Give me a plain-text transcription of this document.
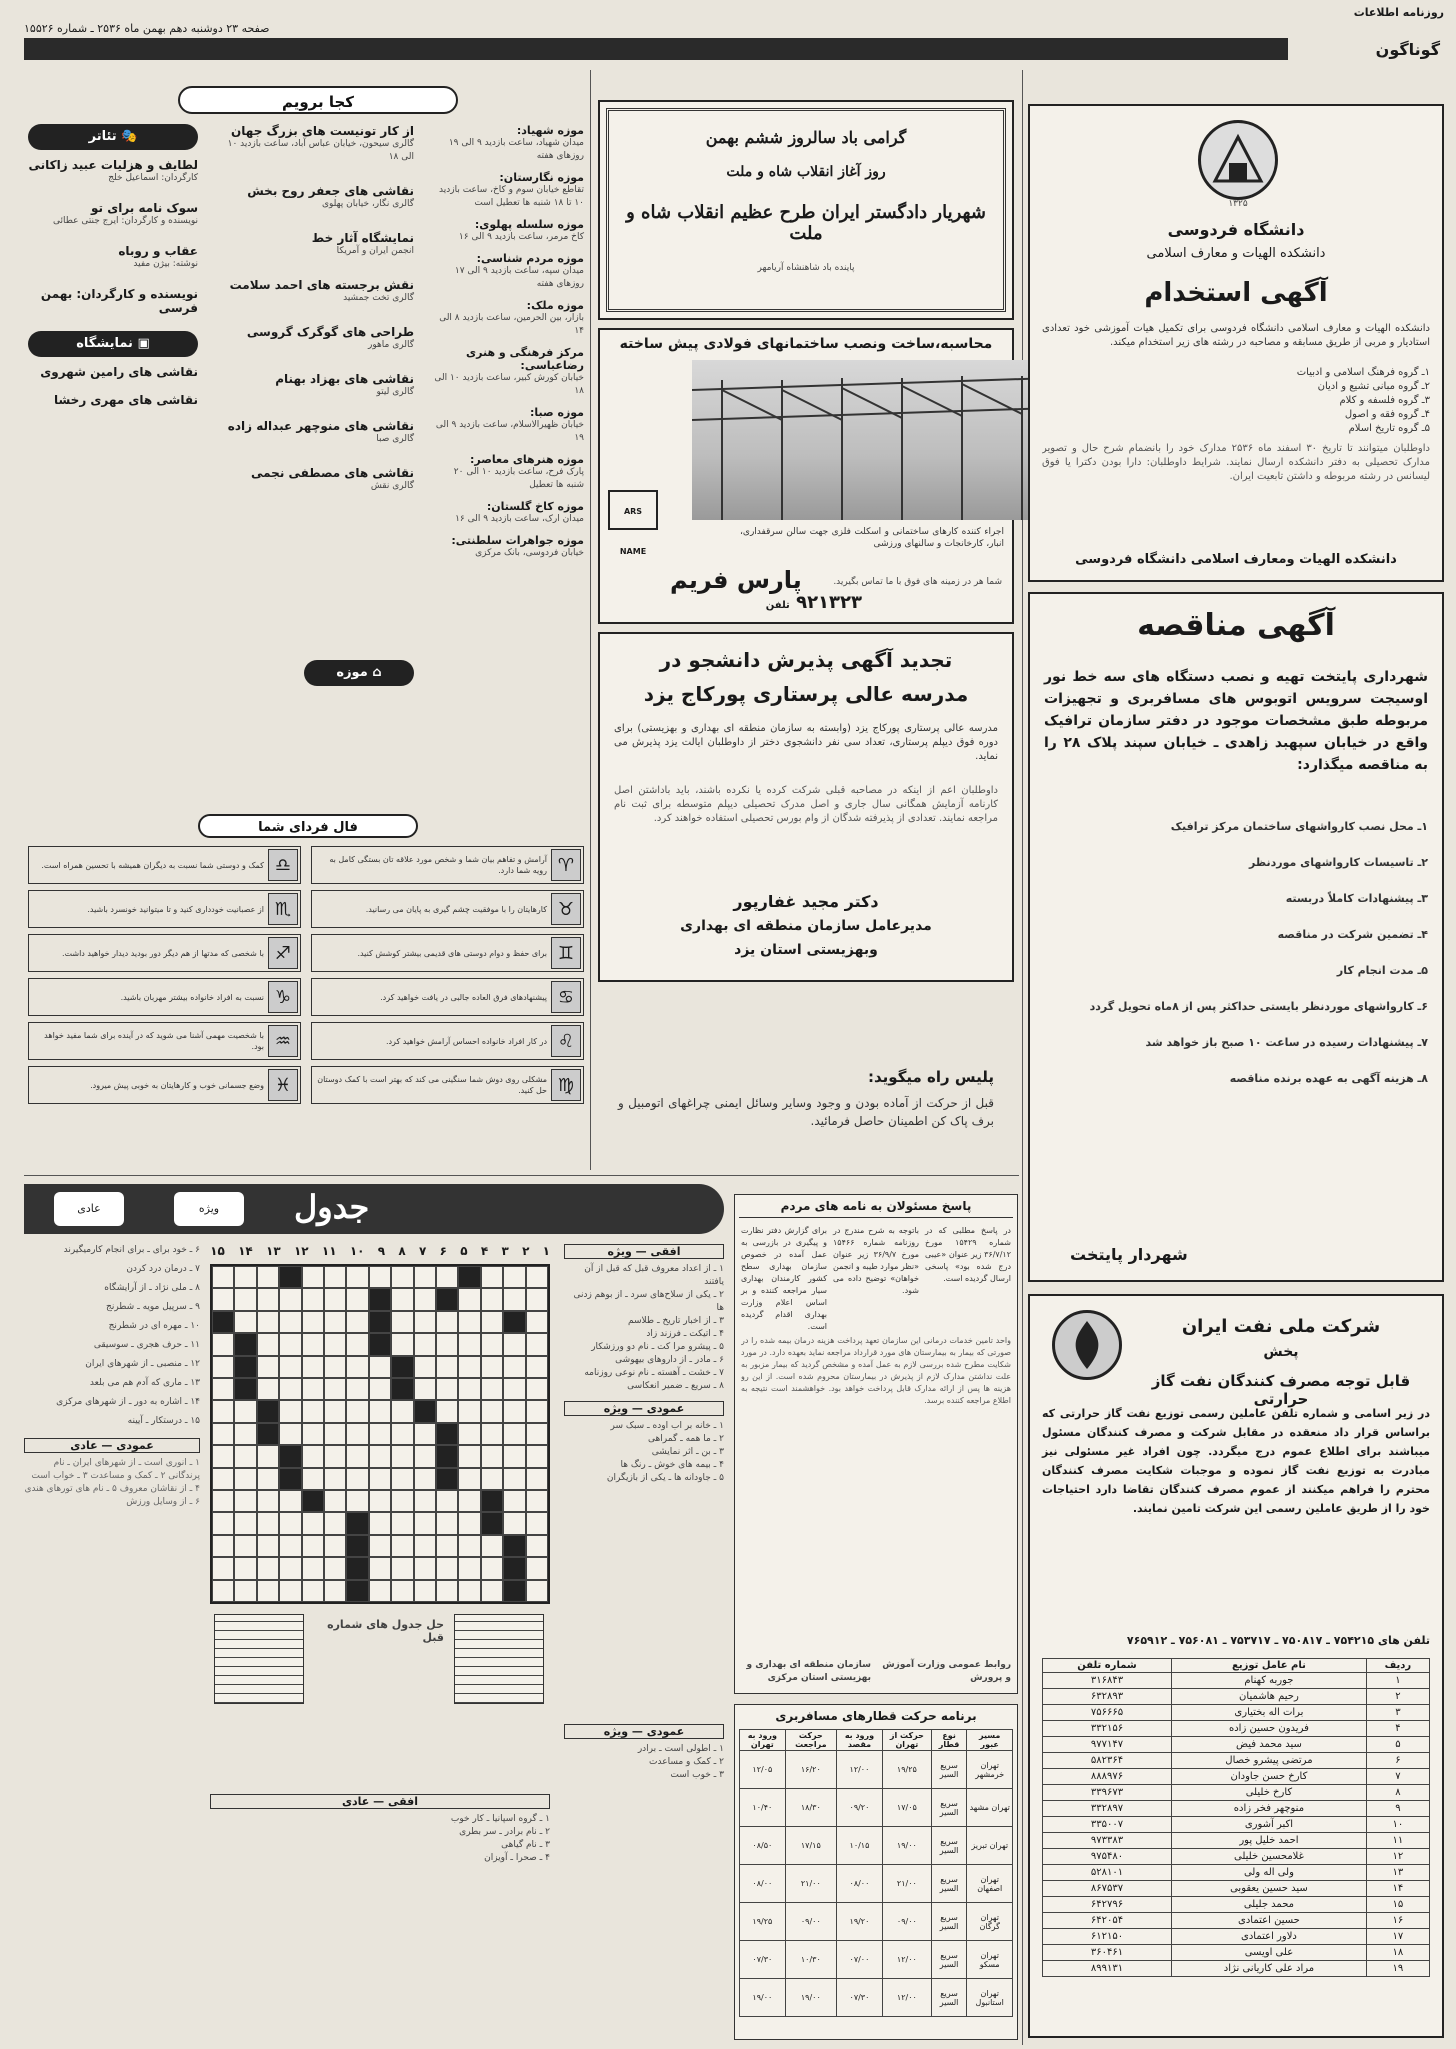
روزنامه اطلاعات
صفحه ۲۳ دوشنبه دهم بهمن ماه ۲۵۳۶ ـ شماره ۱۵۵۲۶
گوناگون
کجا برویم
موزه شهیاد:
میدان شهیاد، ساعت بازدید ۹ الی ۱۹ روزهای هفته
موزه نگارستان:
تقاطع خیابان سوم و کاخ، ساعت بازدید ۱۰ تا ۱۸ شنبه ها تعطیل است
موزه سلسله پهلوی:
کاخ مرمر، ساعت بازدید ۹ الی ۱۶
موزه مردم شناسی:
میدان سپه، ساعت بازدید ۹ الی ۱۷ روزهای هفته
موزه ملک:
بازار، بین الحرمین، ساعت بازدید ۸ الی ۱۴
مرکز فرهنگی و هنری رضاعباسی:
خیابان کورش کبیر، ساعت بازدید ۱۰ الی ۱۸
موزه صبا:
خیابان ظهیرالاسلام، ساعت بازدید ۹ الی ۱۹
موزه هنرهای معاصر:
پارک فرح، ساعت بازدید ۱۰ الی ۲۰ شنبه ها تعطیل
موزه کاخ گلستان:
میدان ارک، ساعت بازدید ۹ الی ۱۶
موزه جواهرات سلطنتی:
خیابان فردوسی، بانک مرکزی
از کار تونیست های بزرگ جهان
گالری سیحون، خیابان عباس آباد، ساعت بازدید ۱۰ الی ۱۸
نقاشی های جعفر روح بخش
گالری نگار، خیابان پهلوی
نمایشگاه آثار خط
انجمن ایران و آمریکا
نقش برجسته های احمد سلامت
گالری تخت جمشید
طراحی های گوگرک گروسی
گالری ماهور
نقاشی های بهزاد بهنام
گالری لیتو
نقاشی های منوچهر عبداله زاده
گالری صبا
نقاشی های مصطفی نجمی
گالری نقش
🎭 تئاتر
لطایف و هزلیات عبید زاکانی
کارگردان: اسماعیل خلج
سوک نامه برای تو
نویسنده و کارگردان: ایرج جنتی عطائی
عقاب و روباه
نوشته: بیژن مفید
نویسنده و کارگردان: بهمن فرسی
▣ نمایشگاه
نقاشی های رامین شهروی
نقاشی های مهری رخشا
⌂ موزه
فال فردای شما
♈
آرامش و تفاهم بیان شما و شخص مورد علاقه تان بستگی کامل به رویه شما دارد.
♎
کمک و دوستی شما نسبت به دیگران همیشه با تحسین همراه است.
♉
کارهایتان را با موفقیت چشم گیری به پایان می رسانید.
♏
از عصبانیت خودداری کنید و تا میتوانید خونسرد باشید.
♊
برای حفظ و دوام دوستی های قدیمی بیشتر کوشش کنید.
♐
با شخصی که مدتها از هم دیگر دور بودید دیدار خواهید داشت.
♋
پیشنهادهای فرق العاده جالبی در یافت خواهید کرد.
♑
نسبت به افراد خانواده بیشتر مهربان باشید.
♌
در کار افراد خانواده احساس آرامش خواهید کرد.
♒
با شخصیت مهمی آشنا می شوید که در آینده برای شما مفید خواهد بود.
♍
مشکلی روی دوش شما سنگینی می کند که بهتر است با کمک دوستان حل کنید.
♓
وضع جسمانی خوب و کارهایتان به خوبی پیش میرود.
گرامی باد سالروز ششم بهمن
روز آغاز انقلاب شاه و ملت
شهریار دادگستر ایران طرح عظیم انقلاب شاه و ملت
پاینده باد شاهنشاه آریامهر
محاسبه،ساخت ونصب ساختمانهای فولادی پیش ساخته
ARS NAME
اجراء کننده کارهای ساختمانی و اسکلت فلزی جهت سالن سرقفداری، انبار، کارخانجات و سالنهای ورزشی
پارس فریم	شما هر در زمینه های فوق با ما تماس بگیرید.
۹۲۱۳۲۳ تلفن
تجدید آگهی پذیرش دانشجو در
مدرسه عالی پرستاری پورکاج یزد
مدرسه عالی پرستاری پورکاج یزد (وابسته به سازمان منطقه ای بهداری و بهزیستی) برای دوره فوق دیپلم پرستاری، تعداد سی نفر دانشجوی دختر از داوطلبان ایالت یزد پذیرش می نماید.
داوطلبان اعم از اینکه در مصاحبه قبلی شرکت کرده یا نکرده باشند، باید باداشتن اصل کارنامه آزمایش همگانی سال جاری و اصل مدرک تحصیلی دیپلم متوسطه برای ثبت نام مراجعه نمایند. تعدادی از پذیرفته شدگان از وام بورس تحصیلی استفاده خواهند کرد.
دکتر مجید غفارپور
مدیرعامل سازمان منطقه ای بهداری
وبهزیستی استان یزد
پلیس راه میگوید:
قبل از حرکت از آماده بودن و وجود وسایر وسائل ایمنی چراغهای اتومبیل و برف پاک کن اطمینان حاصل فرمائید.
۱۳۲۵
دانشگاه فردوسی
دانشکده الهیات و معارف اسلامی
آگهی استخدام
دانشکده الهیات و معارف اسلامی دانشگاه فردوسی برای تکمیل هیات آموزشی خود تعدادی استادیار و مربی از طریق مسابقه و مصاحبه در رشته های زیر استخدام میکند.
۱ـ گروه فرهنگ اسلامی و ادبیات
۲ـ گروه مبانی تشیع و ادیان
۳ـ گروه فلسفه و کلام
۴ـ گروه فقه و اصول
۵ـ گروه تاریخ اسلام
داوطلبان میتوانند تا تاریخ ۳۰ اسفند ماه ۲۵۳۶ مدارک خود را بانضمام شرح حال و تصویر مدارک تحصیلی به دفتر دانشکده ارسال نمایند. شرایط داوطلبان: دارا بودن دکترا یا فوق لیسانس در رشته مربوطه و داشتن تابعیت ایران.
دانشکده الهیات ومعارف اسلامی دانشگاه فردوسی
آگهی مناقصه
شهرداری پایتخت تهیه و نصب دستگاه های سه خط نور اوسیجت سرویس اتوبوس های مسافربری و تجهیزات مربوطه طبق مشخصات موجود در دفتر سازمان ترافیک واقع در خیابان سپهبد زاهدی ـ خیابان سپند پلاک ۲۸ را به مناقصه میگذارد:
۱ـ محل نصب کارواشهای ساختمان مرکز ترافیک
۲ـ تاسیسات کارواشهای موردنظر
۳ـ پیشنهادات کاملاً دربسته
۴ـ تضمین شرکت در مناقصه
۵ـ مدت انجام کار
۶ـ کارواشهای موردنظر بایستی حداکثر پس از ۸ماه تحویل گردد
۷ـ پیشنهادات رسیده در ساعت ۱۰ صبح باز خواهد شد
۸ـ هزینه آگهی به عهده برنده مناقصه
شهردار پایتخت
شرکت ملی نفت ایران
پخش
قابل توجه مصرف کنندگان نفت گاز حرارتی
در زیر اسامی و شماره تلفن عاملین رسمی توزیع نفت گاز حرارتی که براساس قرار داد منعقده در مقابل شرکت و مصرف کنندگان مسئول میباشند برای اطلاع عموم درج میگردد. چون افراد غیر مسئولی نیز مبادرت به توزیع نفت گاز نموده و موجبات شکایت مصرف کنندگان محترم را فراهم میکنند از عموم مصرف کنندگان تقاضا دارد احتیاجات خود را از طریق عاملین رسمی این شرکت تامین نمایند.
تلفن های ۷۵۴۲۱۵ ـ ۷۵۰۸۱۷ ـ ۷۵۳۷۱۷ ـ ۷۵۶۰۸۱ ـ ۷۶۵۹۱۲
ردیف	نام عامل توزیع	شماره تلفن
۱	جوربه کهنام	۳۱۶۸۴۳
۲	رحیم هاشمیان	۶۳۲۸۹۳
۳	برات اله بختیاری	۷۵۶۶۶۵
۴	فریدون حسین زاده	۳۳۲۱۵۶
۵	سید محمد فیض	۹۷۷۱۴۷
۶	مرتضی پیشرو خصال	۵۸۲۳۶۴
۷	کارخ حسن جاودان	۸۸۸۹۷۶
۸	کارخ خلیلی	۳۳۹۶۷۳
۹	منوچهر فخر زاده	۳۳۲۸۹۷
۱۰	اکبر آشوری	۳۳۵۰۰۷
۱۱	احمد خلیل پور	۹۷۳۳۸۳
۱۲	غلامحسین خلیلی	۹۷۵۴۸۰
۱۳	ولی اله ولی	۵۲۸۱۰۱
۱۴	سید حسین یعقوبی	۸۶۷۵۳۷
۱۵	محمد جلیلی	۶۴۲۷۹۶
۱۶	حسین اعتمادی	۶۴۲۰۵۴
۱۷	دلاور اعتمادی	۶۱۲۱۵۰
۱۸	علی اویسی	۳۶۰۴۶۱
۱۹	مراد علی کاریانی نژاد	۸۹۹۱۳۱
جدول
ویژه
عادی
افقی — ویژه
۱ ـ از اعداد معروف قبل که قبل از آن یافتند
۲ ـ یکی از سلاح‌های سرد ـ از بوهم زدنی ها
۳ ـ از اخبار تاریخ ـ طلاسم
۴ ـ اتیکت ـ فرزند زاد
۵ ـ پیشرو مرا کت ـ نام دو ورزشکار
۶ ـ مادر ـ از داروهای بیهوشی
۷ ـ خشت ـ آهسته ـ نام نوعی روزنامه
۸ ـ سریع ـ ضمیر انعکاسی
عمودی — ویژه
۱ ـ خانه بر اب اوده ـ سبک سر
۲ ـ ما همه ـ گمراهی
۳ ـ بن ـ اثر نمایشی
۴ ـ بیمه های خوش ـ رنگ ها
۵ ـ جاودانه ها ـ یکی از بازیگران
۱
۲
۳
۴
۵
۶
۷
۸
۹
۱۰
۱۱
۱۲
۱۳
۱۴
۱۵
حل جدول های شماره قبل
عمودی — ویژه
۱ ـ اطولی است ـ برادر
۲ ـ کمک و مساعدت
۳ ـ خوب است
افقی — عادی
۱ ـ گروه اسپانیا ـ کار خوب
۲ ـ نام برادر ـ سر بطری
۳ ـ نام گیاهی
۴ ـ صحرا ـ آویزان
۶ ـ خود برای ـ برای انجام کارمیگیرند
۷ ـ درمان درد کردن
۸ ـ ملی نژاد ـ از آرایشگاه
۹ ـ سرپیل مویه ـ شطرنج
۱۰ ـ مهره ای در شطرنج
۱۱ ـ حرف هجری ـ سوسیقی
۱۲ ـ منصبی ـ از شهرهای ایران
۱۳ ـ ماری که آدم هم می بلعد
۱۴ ـ اشاره به دور ـ از شهرهای مرکزی
۱۵ ـ درستکار ـ آیینه
عمودی — عادی
۱ ـ انوری است ـ از شهرهای ایران ـ نام پرندگانی ۲ ـ کمک و مساعدت ۳ ـ خواب است ۴ ـ از نقاشان معروف ۵ ـ نام های تورهای هندی ۶ ـ از وسایل ورزش
پاسخ مسئولان به نامه های مردم
در پاسخ مطلبی که در شماره ۱۵۴۲۹ مورخ ۳۶/۷/۱۲ زیر عنوان «عیبی درج شده بود» پاسخی ارسال گردیده است.
باتوجه به شرح مندرج در روزنامه شماره ۱۵۴۶۶ مورخ ۳۶/۹/۷ زیر عنوان «نظر موارد طیبه و انجمن خواهان» توضیح داده می شود.
برای گزارش دفتر نظارت و پیگیری در بازرسی به عمل آمده در خصوص سازمان بهداری سطح کشور کارمندان بهداری سیار مراجعه کننده و بر اساس اعلام وزارت بهداری اقدام گردیده است.
واحد تامین خدمات درمانی این سازمان تعهد پرداخت هزینه درمان بیمه شده را در صورتی که بیمار به بیمارستان های مورد قرارداد مراجعه نماید بعهده دارد. در مورد شکایت مطرح شده بررسی لازم به عمل آمده و مشخص گردید که بیمار مزبور به علت نداشتن مدارک لازم از پذیرش در بیمارستان محروم شده است. از این رو هزینه ها پس از ارائه مدارک قابل پرداخت خواهد بود. خواهشمند است نتیجه به اطلاع مراجعه کننده برسد.
روابط عمومی وزارت آموزش و پرورش
سازمان منطقه ای بهداری و بهزیستی استان مرکزی
برنامه حرکت قطارهای مسافربری
مسیر عبور	نوع قطار	حرکت از تهران	ورود به مقصد	حرکت مراجعت	ورود به تهران
تهران خرمشهر	سریع السیر	۱۹/۲۵	۱۲/۰۰	۱۶/۲۰	۱۲/۰۵
تهران مشهد	سریع السیر	۱۷/۰۵	۰۹/۲۰	۱۸/۳۰	۱۰/۴۰
تهران تبریز	سریع السیر	۱۹/۰۰	۱۰/۱۵	۱۷/۱۵	۰۸/۵۰
تهران اصفهان	سریع السیر	۲۱/۰۰	۰۸/۰۰	۲۱/۰۰	۰۸/۰۰
تهران گرگان	سریع السیر	۰۹/۰۰	۱۹/۲۰	۰۹/۰۰	۱۹/۲۵
تهران مسکو	سریع السیر	۱۲/۰۰	۰۷/۰۰	۱۰/۳۰	۰۷/۳۰
تهران استانبول	سریع السیر	۱۲/۰۰	۰۷/۳۰	۱۹/۰۰	۱۹/۰۰
